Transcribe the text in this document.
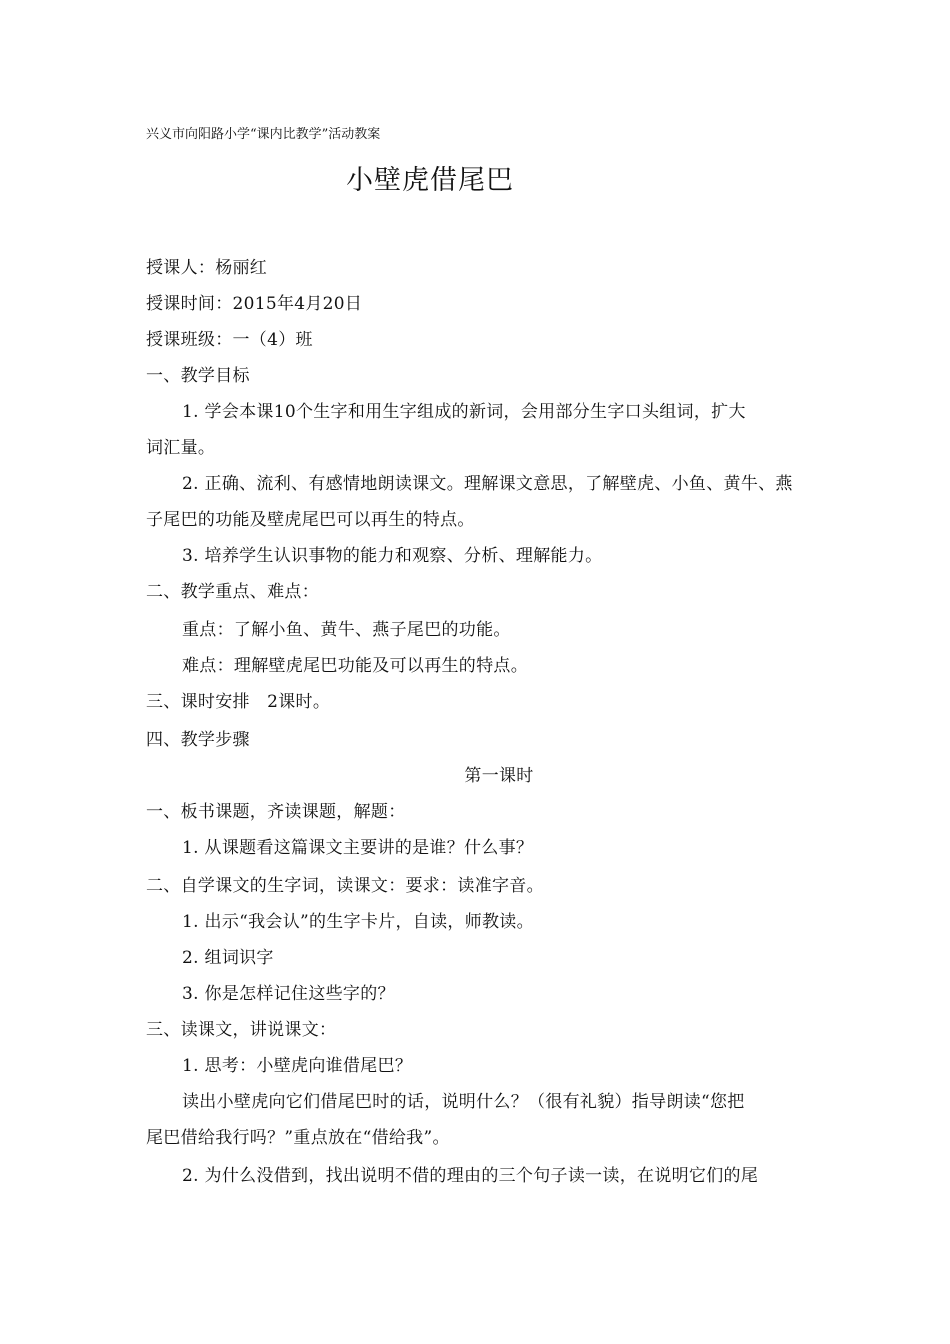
兴义市向阳路小学“课内比教学”活动教案
小壁虎借尾巴
授课人：杨丽红
授课时间：2015年4月20日
授课班级：一（4）班
一、教学目标
1. 学会本课10个生字和用生字组成的新词，会用部分生字口头组词，扩大
词汇量。
2. 正确、流利、有感情地朗读课文。理解课文意思，了解壁虎、小鱼、黄牛、燕
子尾巴的功能及壁虎尾巴可以再生的特点。
3. 培养学生认识事物的能力和观察、分析、理解能力。
二、教学重点、难点：
重点：了解小鱼、黄牛、燕子尾巴的功能。
难点：理解壁虎尾巴功能及可以再生的特点。
三、课时安排　2课时。
四、教学步骤
第一课时
一、板书课题，齐读课题，解题：
1. 从课题看这篇课文主要讲的是谁？什么事？
二、自学课文的生字词，读课文：要求：读准字音。
1. 出示“我会认”的生字卡片，自读，师教读。
2. 组词识字
3. 你是怎样记住这些字的？
三、读课文，讲说课文：
1. 思考：小壁虎向谁借尾巴？
读出小壁虎向它们借尾巴时的话，说明什么？（很有礼貌）指导朗读“您把
尾巴借给我行吗？”重点放在“借给我”。
2. 为什么没借到，找出说明不借的理由的三个句子读一读，在说明它们的尾
